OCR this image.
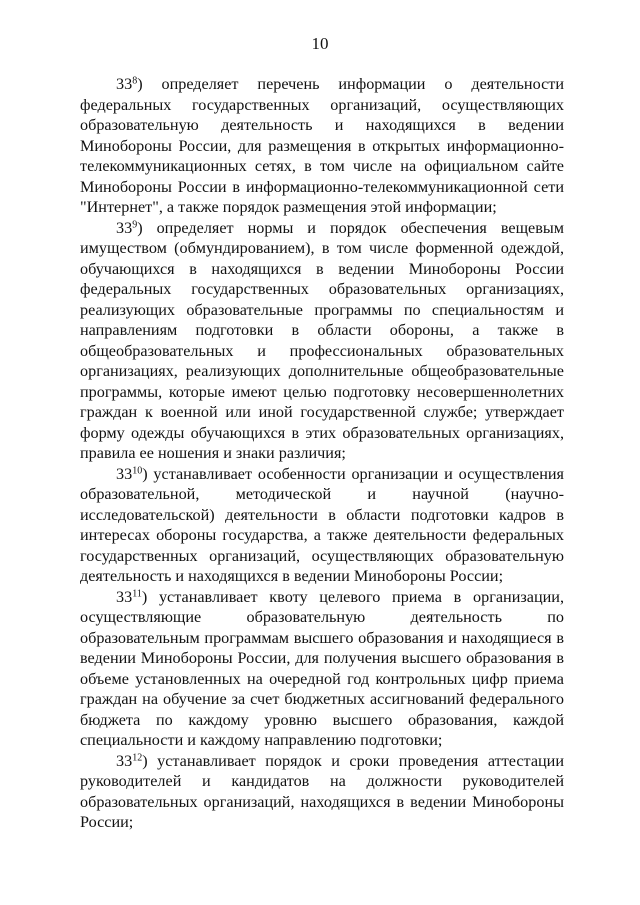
10

$33^8$) определяет перечень информации о деятельности федеральных государственных организаций, осуществляющих образовательную деятельность и находящихся в ведении Минобороны России, для размещения в открытых информационно-телекоммуникационных сетях, в том числе на официальном сайте Минобороны России в информационно-телекоммуникационной сети "Интернет", а также порядок размещения этой информации;

$33^9$) определяет нормы и порядок обеспечения вещевым имуществом (обмундированием), в том числе форменной одеждой, обучающихся в находящихся в ведении Минобороны России федеральных государственных образовательных организациях, реализующих образовательные программы по специальностям и направлениям подготовки в области обороны, а также в общеобразовательных и профессиональных образовательных организациях, реализующих дополнительные общеобразовательные программы, которые имеют целью подготовку несовершеннолетних граждан к военной или иной государственной службе; утверждает форму одежды обучающихся в этих образовательных организациях, правила ее ношения и знаки различия;

$33^{10}$) устанавливает особенности организации и осуществления образовательной, методической и научной (научно-исследовательской) деятельности в области подготовки кадров в интересах обороны государства, а также деятельности федеральных государственных организаций, осуществляющих образовательную деятельность и находящихся в ведении Минобороны России;

$33^{11}$) устанавливает квоту целевого приема в организации, осуществляющие образовательную деятельность по образовательным программам высшего образования и находящиеся в ведении Минобороны России, для получения высшего образования в объеме установленных на очередной год контрольных цифр приема граждан на обучение за счет бюджетных ассигнований федерального бюджета по каждому уровню высшего образования, каждой специальности и каждому направлению подготовки;

$33^{12}$) устанавливает порядок и сроки проведения аттестации руководителей и кандидатов на должности руководителей образовательных организаций, находящихся в ведении Минобороны России;
